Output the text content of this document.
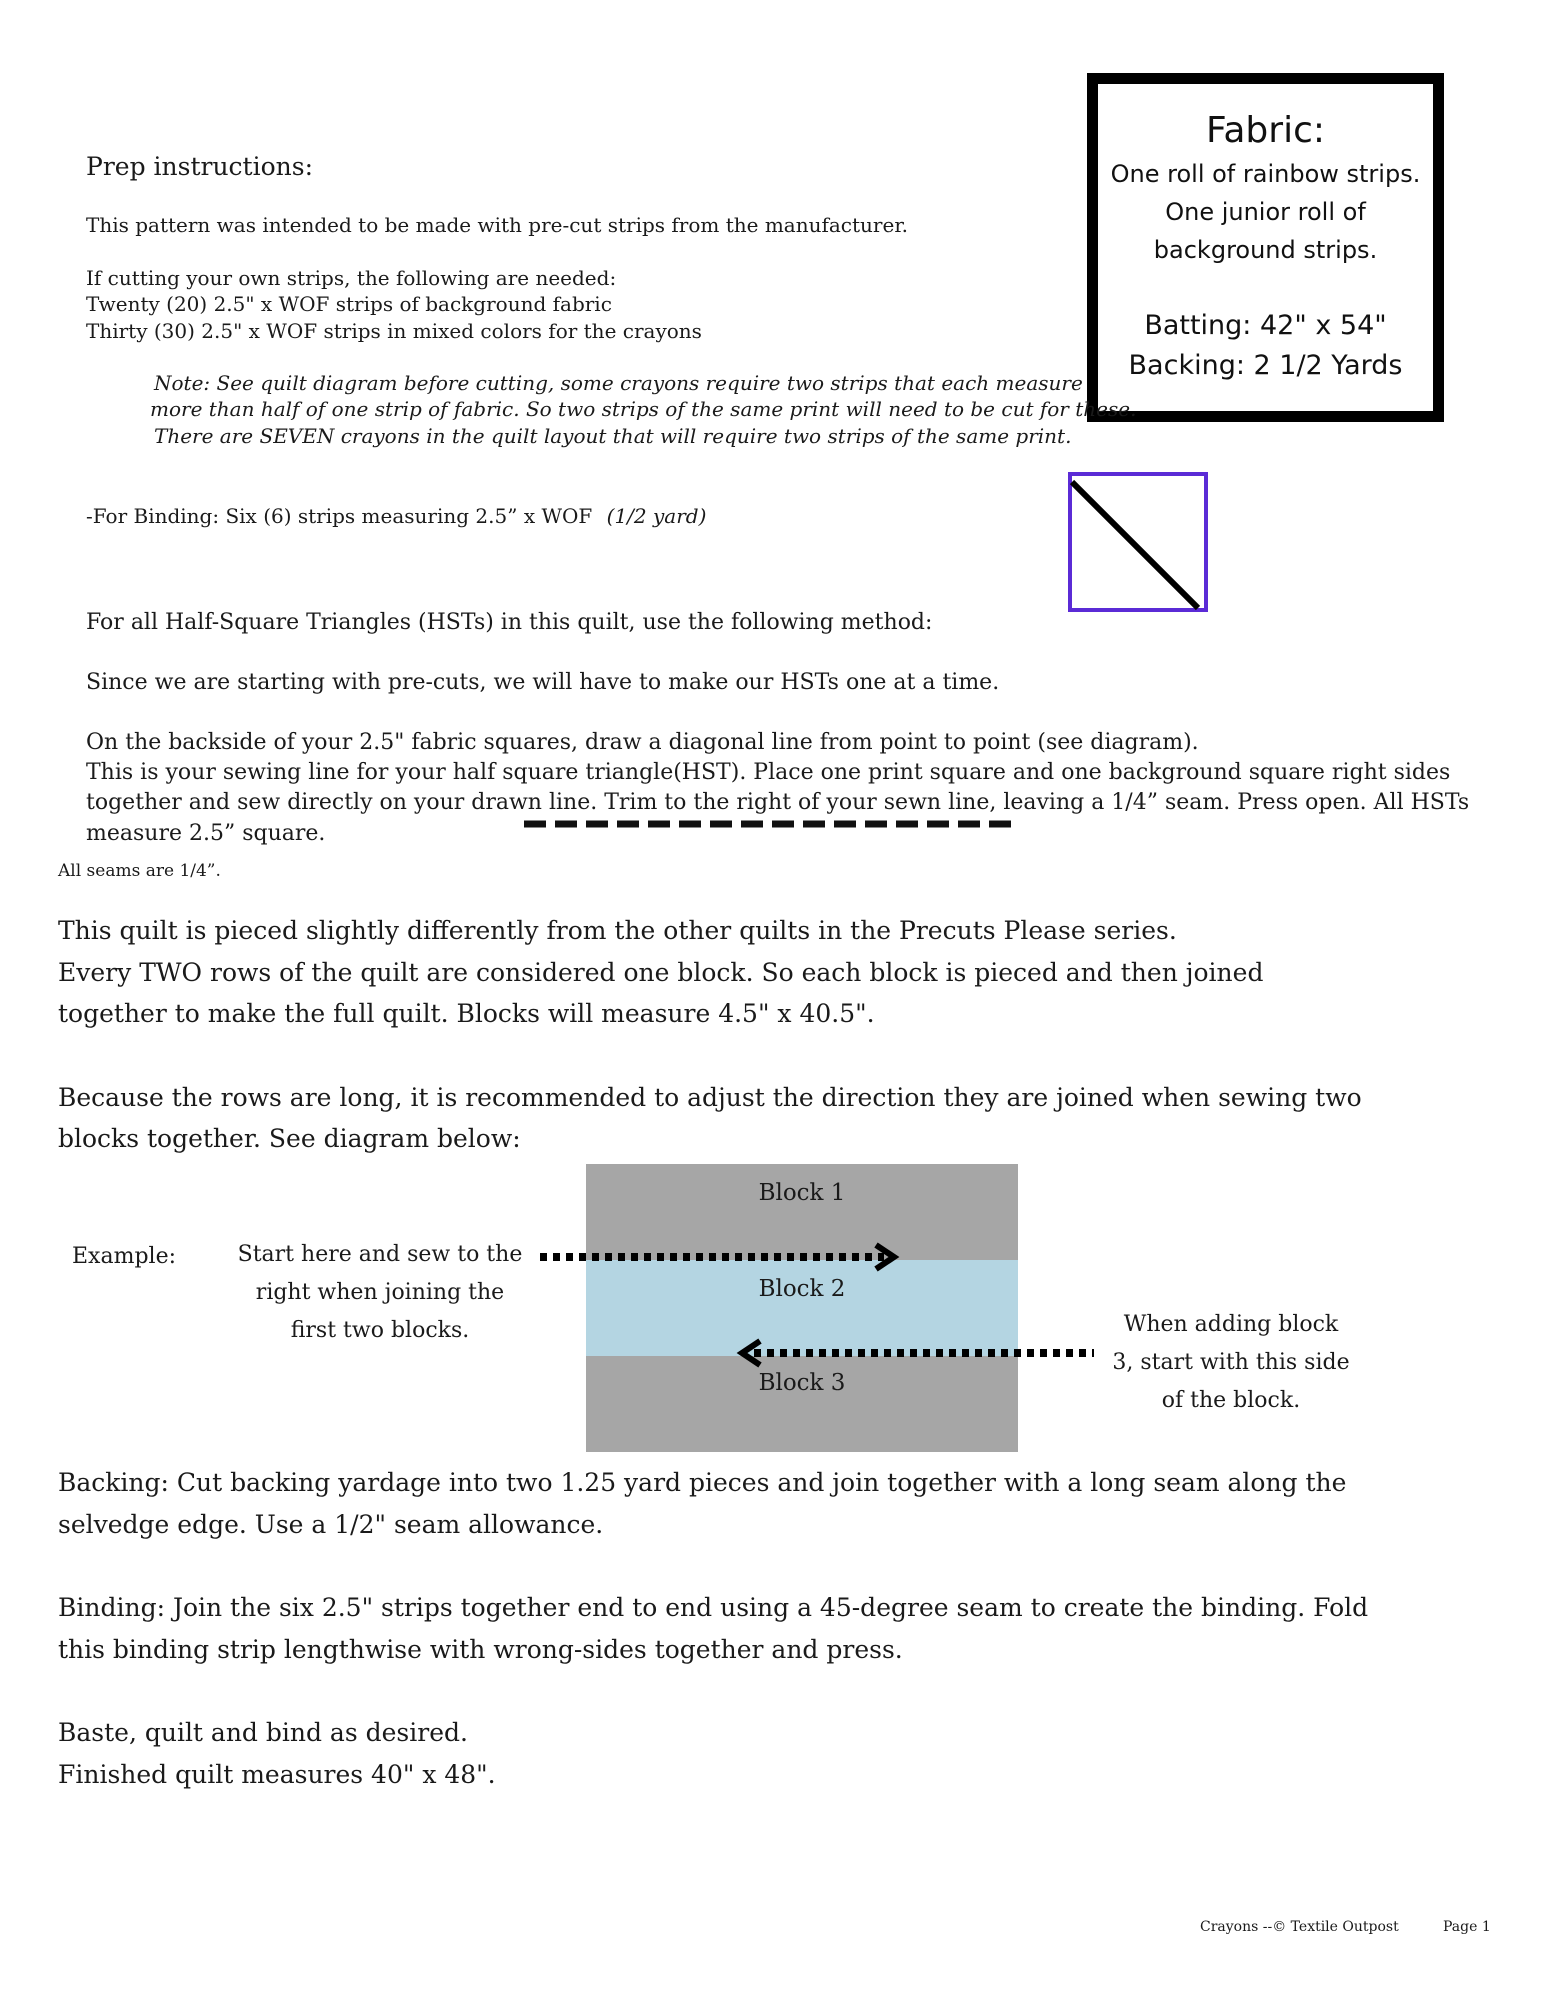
Fabric:
One roll of rainbow strips.
One junior roll of
background strips.
Batting: 42" x 54"
Backing: 2 1/2 Yards
Prep instructions:
This pattern was intended to be made with pre-cut strips from the manufacturer.
If cutting your own strips, the following are needed:
Twenty (20) 2.5" x WOF strips of background fabric
Thirty (30) 2.5" x WOF strips in mixed colors for the crayons
Note: See quilt diagram before cutting, some crayons require two strips that each measure
more than half of one strip of fabric. So two strips of the same print will need to be cut for these.
There are SEVEN crayons in the quilt layout that will require two strips of the same print.
-For Binding: Six (6) strips measuring 2.5” x WOF (1/2 yard)
For all Half-Square Triangles (HSTs) in this quilt, use the following method:
Since we are starting with pre-cuts, we will have to make our HSTs one at a time.
On the backside of your 2.5" fabric squares, draw a diagonal line from point to point (see diagram).
This is your sewing line for your half square triangle(HST). Place one print square and one background square right sides
together and sew directly on your drawn line. Trim to the right of your sewn line, leaving a 1/4” seam. Press open. All HSTs
measure 2.5” square.
All seams are 1/4”.
This quilt is pieced slightly differently from the other quilts in the Precuts Please series.
Every TWO rows of the quilt are considered one block. So each block is pieced and then joined
together to make the full quilt. Blocks will measure 4.5" x 40.5".
Because the rows are long, it is recommended to adjust the direction they are joined when sewing two
blocks together. See diagram below:
Example:	Start here and sew to the
right when joining the
first two blocks.
Block 1
Block 2
Block 3
When adding block
3, start with this side
of the block.
Backing: Cut backing yardage into two 1.25 yard pieces and join together with a long seam along the
selvedge edge. Use a 1/2" seam allowance.
Binding: Join the six 2.5" strips together end to end using a 45-degree seam to create the binding. Fold
this binding strip lengthwise with wrong-sides together and press.
Baste, quilt and bind as desired.
Finished quilt measures 40" x 48".
Crayons --© Textile Outpost	Page 1
